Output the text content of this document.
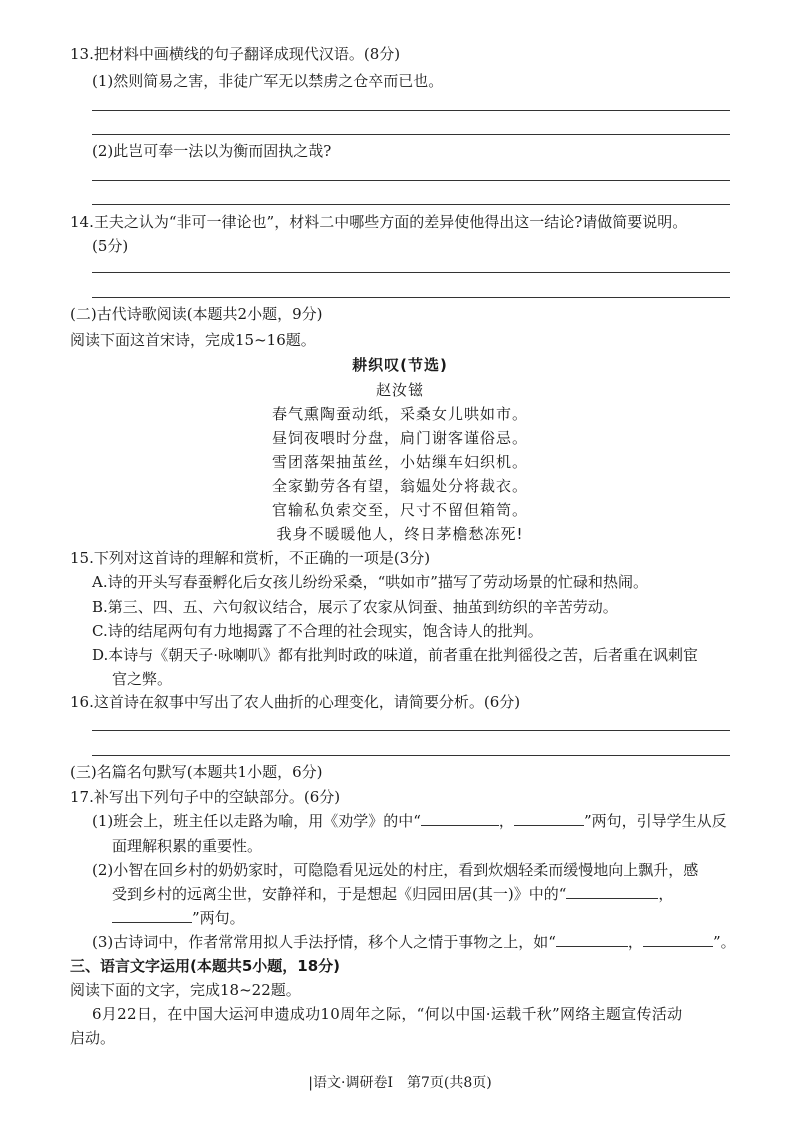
13.把材料中画横线的句子翻译成现代汉语。(8分)
(1)然则简易之害，非徒广军无以禁虏之仓卒而已也。
(2)此岂可奉一法以为衡而固执之哉?
14.王夫之认为“非可一律论也”，材料二中哪些方面的差异使他得出这一结论?请做简要说明。
(5分)
(二)古代诗歌阅读(本题共2小题，9分)
阅读下面这首宋诗，完成15~16题。
耕织叹(节选)
赵汝镃
春气熏陶蚕动纸，采桑女儿哄如市。
昼饲夜喂时分盘，扃门谢客谨俗忌。
雪团落架抽茧丝，小姑缫车妇织机。
全家勤劳各有望，翁媪处分将裁衣。
官输私负索交至，尺寸不留但箱笥。
我身不暖暖他人，终日茅檐愁冻死!
15.下列对这首诗的理解和赏析，不正确的一项是(3分)
A.诗的开头写春蚕孵化后女孩儿纷纷采桑，“哄如市”描写了劳动场景的忙碌和热闹。
B.第三、四、五、六句叙议结合，展示了农家从饲蚕、抽茧到纺织的辛苦劳动。
C.诗的结尾两句有力地揭露了不合理的社会现实，饱含诗人的批判。
D.本诗与《朝天子·咏喇叭》都有批判时政的味道，前者重在批判徭役之苦，后者重在讽刺宦
官之弊。
16.这首诗在叙事中写出了农人曲折的心理变化，请简要分析。(6分)
(三)名篇名句默写(本题共1小题，6分)
17.补写出下列句子中的空缺部分。(6分)
(1)班会上，班主任以走路为喻，用《劝学》的中“	，	”两句，引导学生从反
面理解积累的重要性。
(2)小智在回乡村的奶奶家时，可隐隐看见远处的村庄，看到炊烟轻柔而缓慢地向上飘升，感
受到乡村的远离尘世，安静祥和，于是想起《归园田居(其一)》中的“	，
”两句。
(3)古诗词中，作者常常用拟人手法抒情，移个人之情于事物之上，如“	，	”。
三、语言文字运用(本题共5小题，18分)
阅读下面的文字，完成18~22题。
6月22日，在中国大运河申遗成功10周年之际，“何以中国·运载千秋”网络主题宣传活动
启动。
|语文·调研卷Ⅰ　第7页(共8页)
